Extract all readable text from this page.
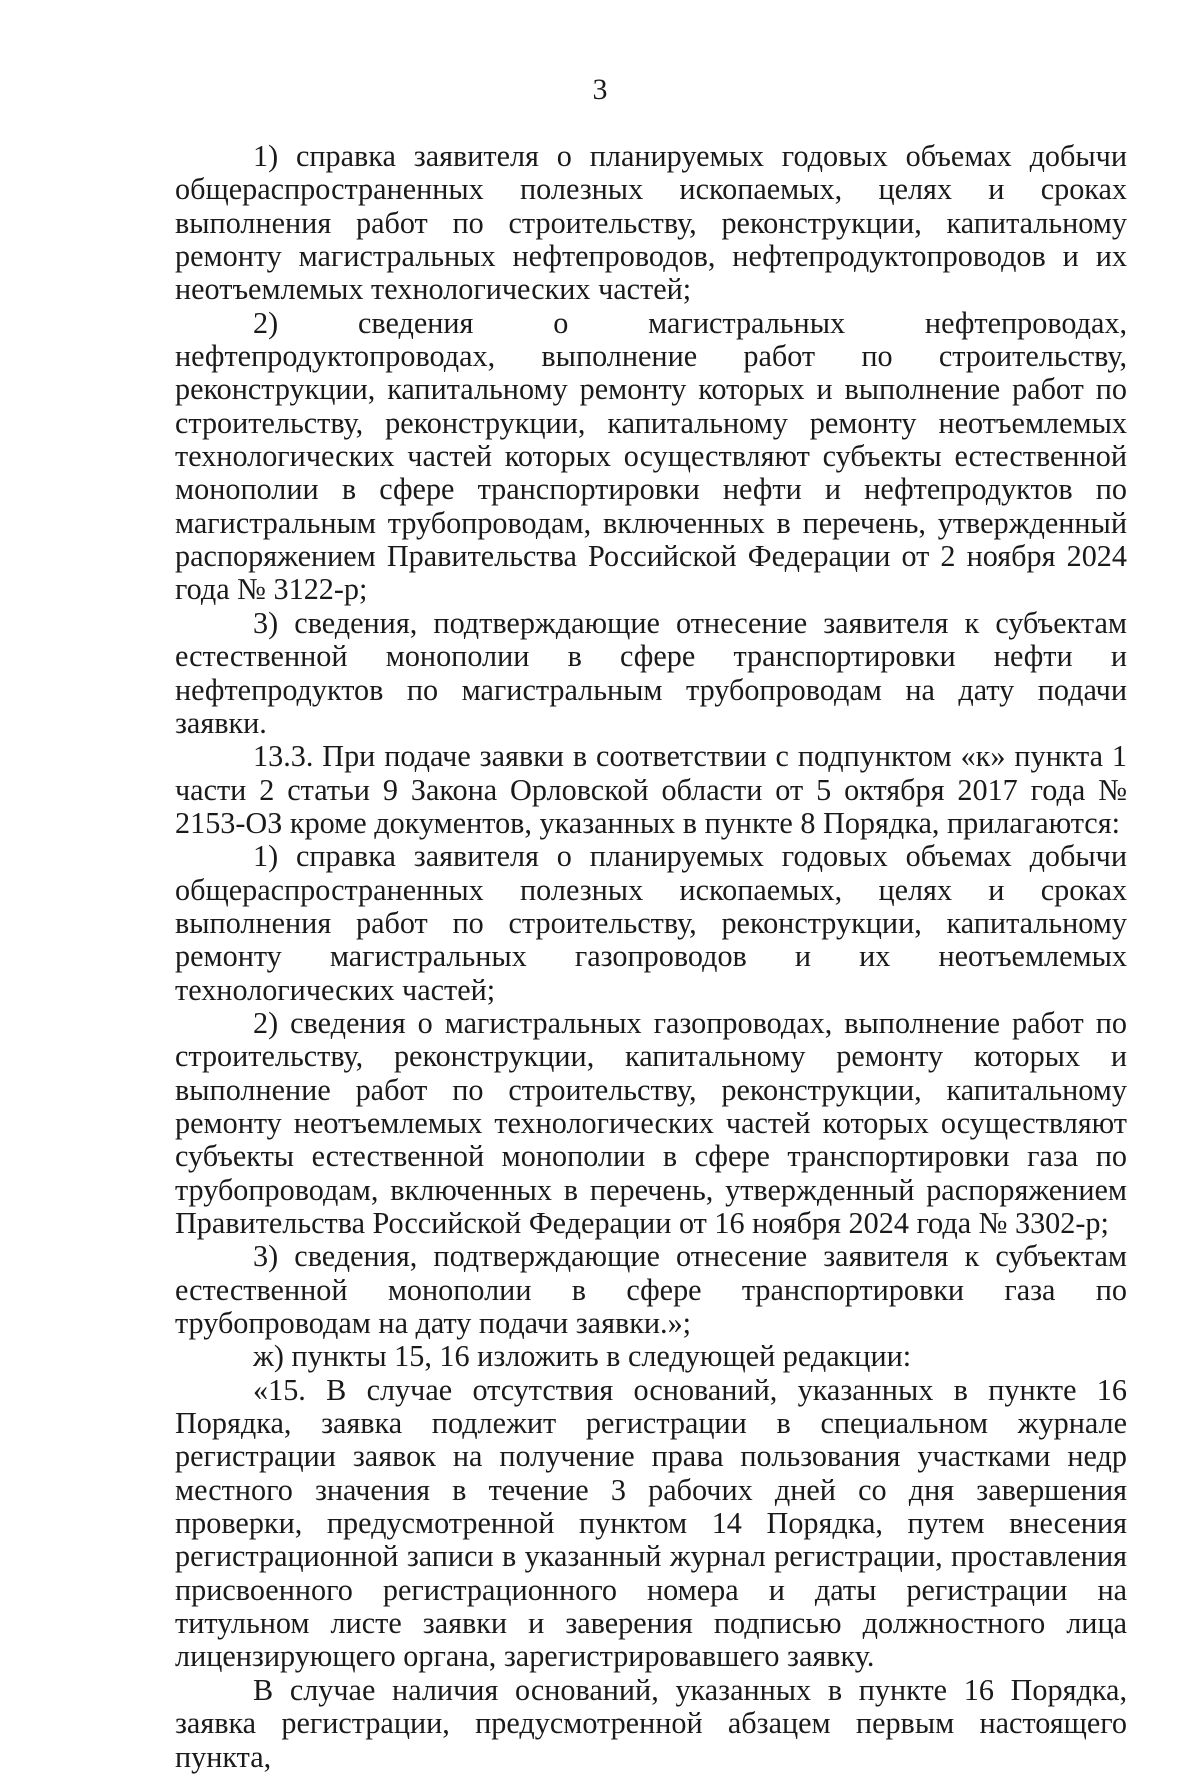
3

1) справка заявителя о планируемых годовых объемах добычи общераспространенных полезных ископаемых, целях и сроках выполнения работ по строительству, реконструкции, капитальному ремонту магистральных нефтепроводов, нефтепродуктопроводов и их неотъемлемых технологических частей;

2) сведения о магистральных нефтепроводах, нефтепродуктопроводах, выполнение работ по строительству, реконструкции, капитальному ремонту которых и выполнение работ по строительству, реконструкции, капитальному ремонту неотъемлемых технологических частей которых осуществляют субъекты естественной монополии в сфере транспортировки нефти и нефтепродуктов по магистральным трубопроводам, включенных в перечень, утвержденный распоряжением Правительства Российской Федерации от 2 ноября 2024 года № 3122-р;

3) сведения, подтверждающие отнесение заявителя к субъектам естественной монополии в сфере транспортировки нефти и нефтепродуктов по магистральным трубопроводам на дату подачи заявки.

13.3. При подаче заявки в соответствии с подпунктом «к» пункта 1 части 2 статьи 9 Закона Орловской области от 5 октября 2017 года № 2153-ОЗ кроме документов, указанных в пункте 8 Порядка, прилагаются:

1) справка заявителя о планируемых годовых объемах добычи общераспространенных полезных ископаемых, целях и сроках выполнения работ по строительству, реконструкции, капитальному ремонту магистральных газопроводов и их неотъемлемых технологических частей;

2) сведения о магистральных газопроводах, выполнение работ по строительству, реконструкции, капитальному ремонту которых и выполнение работ по строительству, реконструкции, капитальному ремонту неотъемлемых технологических частей которых осуществляют субъекты естественной монополии в сфере транспортировки газа по трубопроводам, включенных в перечень, утвержденный распоряжением Правительства Российской Федерации от 16 ноября 2024 года № 3302-р;

3) сведения, подтверждающие отнесение заявителя к субъектам естественной монополии в сфере транспортировки газа по трубопроводам на дату подачи заявки.»;

ж) пункты 15, 16 изложить в следующей редакции:

«15. В случае отсутствия оснований, указанных в пункте 16 Порядка, заявка подлежит регистрации в специальном журнале регистрации заявок на получение права пользования участками недр местного значения в течение 3 рабочих дней со дня завершения проверки, предусмотренной пунктом 14 Порядка, путем внесения регистрационной записи в указанный журнал регистрации, проставления присвоенного регистрационного номера и даты регистрации на титульном листе заявки и заверения подписью должностного лица лицензирующего органа, зарегистрировавшего заявку.

В случае наличия оснований, указанных в пункте 16 Порядка, заявка регистрации, предусмотренной абзацем первым настоящего пункта,
